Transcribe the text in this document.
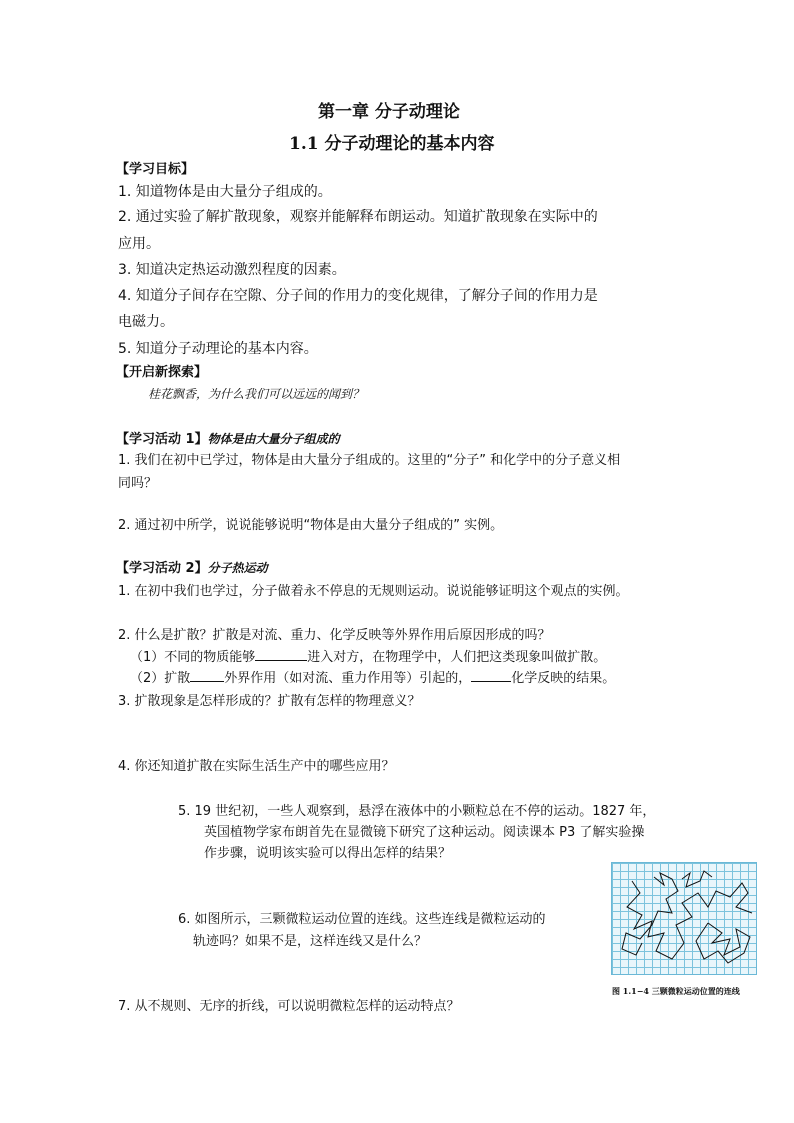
第一章 分子动理论
1.1 分子动理论的基本内容
【学习目标】
1. 知道物体是由大量分子组成的。
2. 通过实验了解扩散现象，观察并能解释布朗运动。知道扩散现象在实际中的
应用。
3. 知道决定热运动激烈程度的因素。
4. 知道分子间存在空隙、分子间的作用力的变化规律，了解分子间的作用力是
电磁力。
5. 知道分子动理论的基本内容。
【开启新探索】
桂花飘香，为什么我们可以远远的闻到？
【学习活动 1】物体是由大量分子组成的
1. 我们在初中已学过，物体是由大量分子组成的。这里的“分子” 和化学中的分子意义相
同吗？
2. 通过初中所学，说说能够说明“物体是由大量分子组成的” 实例。
【学习活动 2】分子热运动
1. 在初中我们也学过，分子做着永不停息的无规则运动。说说能够证明这个观点的实例。
2. 什么是扩散？扩散是对流、重力、化学反映等外界作用后原因形成的吗？
（1）不同的物质能够	进入对方，在物理学中，人们把这类现象叫做扩散。
（2）扩散	外界作用（如对流、重力作用等）引起的，	化学反映的结果。
3. 扩散现象是怎样形成的？扩散有怎样的物理意义？
4. 你还知道扩散在实际生活生产中的哪些应用？
5. 19 世纪初，一些人观察到，悬浮在液体中的小颗粒总在不停的运动。1827 年，
英国植物学家布朗首先在显微镜下研究了这种运动。阅读课本 P3 了解实验操
作步骤，说明该实验可以得出怎样的结果？
6. 如图所示，三颗微粒运动位置的连线。这些连线是微粒运动的
轨迹吗？如果不是，这样连线又是什么？
7. 从不规则、无序的折线，可以说明微粒怎样的运动特点？
图 1.1−4 三颗微粒运动位置的连线
